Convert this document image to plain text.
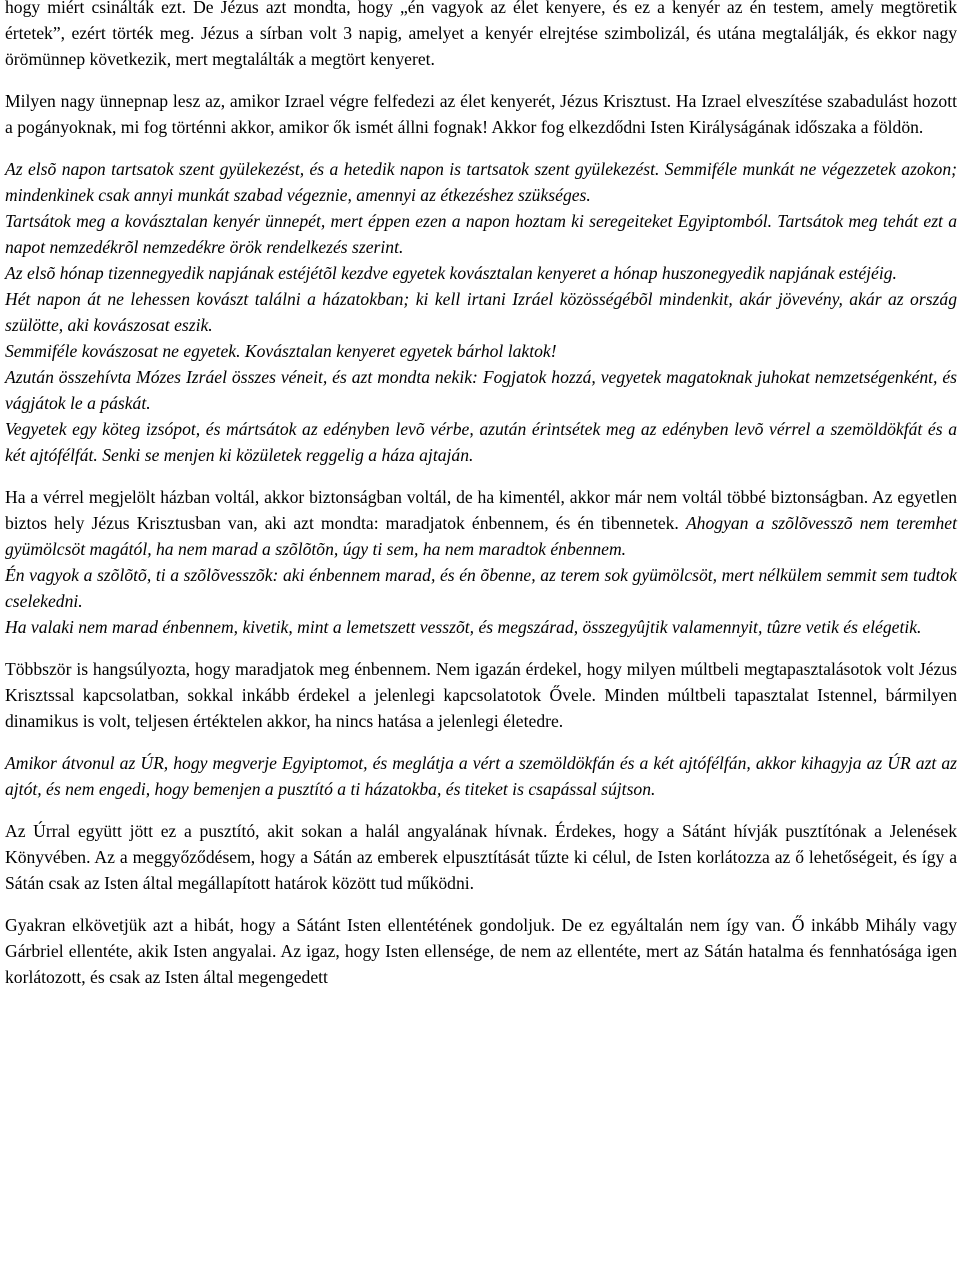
hogy miért csinálták ezt. De Jézus azt mondta, hogy „én vagyok az élet kenyere, és ez a kenyér az én testem, amely megtöretik értetek”, ezért törték meg. Jézus a sírban volt 3 napig, amelyet a kenyér elrejtése szimbolizál, és utána megtalálják, és ekkor nagy örömünnep következik, mert megtalálták a megtört kenyeret.

Milyen nagy ünnepnap lesz az, amikor Izrael végre felfedezi az élet kenyerét, Jézus Krisztust. Ha Izrael elveszítése szabadulást hozott a pogányoknak, mi fog történni akkor, amikor ők ismét állni fognak! Akkor fog elkezdődni Isten Királyságának időszaka a földön.

Az elsõ napon tartsatok szent gyülekezést, és a hetedik napon is tartsatok szent gyülekezést. Semmiféle munkát ne végezzetek azokon; mindenkinek csak annyi munkát szabad végeznie, amennyi az étkezéshez szükséges.

Tartsátok meg a kovásztalan kenyér ünnepét, mert éppen ezen a napon hoztam ki seregeiteket Egyiptomból. Tartsátok meg tehát ezt a napot nemzedékrõl nemzedékre örök rendelkezés szerint.

Az elsõ hónap tizennegyedik napjának estéjétõl kezdve egyetek kovásztalan kenyeret a hónap huszonegyedik napjának estéjéig.

Hét napon át ne lehessen kovászt találni a házatokban; ki kell irtani Izráel közösségébõl mindenkit, akár jövevény, akár az ország szülötte, aki kovászosat eszik.

Semmiféle kovászosat ne egyetek. Kovásztalan kenyeret egyetek bárhol laktok!

Azután összehívta Mózes Izráel összes véneit, és azt mondta nekik: Fogjatok hozzá, vegyetek magatoknak juhokat nemzetségenként, és vágjátok le a páskát.

Vegyetek egy köteg izsópot, és mártsátok az edényben levõ vérbe, azután érintsétek meg az edényben levõ vérrel a szemöldökfát és a két ajtófélfát. Senki se menjen ki közületek reggelig a háza ajtaján.

Ha a vérrel megjelölt házban voltál, akkor biztonságban voltál, de ha kimentél, akkor már nem voltál többé biztonságban. Az egyetlen biztos hely Jézus Krisztusban van, aki azt mondta: maradjatok énbennem, és én tibennetek. Ahogyan a szõlõvesszõ nem teremhet gyümölcsöt magától, ha nem marad a szõlõtõn, úgy ti sem, ha nem maradtok énbennem.

Én vagyok a szõlõtõ, ti a szõlõvesszõk: aki énbennem marad, és én õbenne, az terem sok gyümölcsöt, mert nélkülem semmit sem tudtok cselekedni.

Ha valaki nem marad énbennem, kivetik, mint a lemetszett vesszõt, és megszárad, összegyûjtik valamennyit, tûzre vetik és elégetik.

Többször is hangsúlyozta, hogy maradjatok meg énbennem. Nem igazán érdekel, hogy milyen múltbeli megtapasztalásotok volt Jézus Krisztssal kapcsolatban, sokkal inkább érdekel a jelenlegi kapcsolatotok Ővele. Minden múltbeli tapasztalat Istennel, bármilyen dinamikus is volt, teljesen értéktelen akkor, ha nincs hatása a jelenlegi életedre.

Amikor átvonul az ÚR, hogy megverje Egyiptomot, és meglátja a vért a szemöldökfán és a két ajtófélfán, akkor kihagyja az ÚR azt az ajtót, és nem engedi, hogy bemenjen a pusztító a ti házatokba, és titeket is csapással sújtson.

Az Úrral együtt jött ez a pusztító, akit sokan a halál angyalának hívnak. Érdekes, hogy a Sátánt hívják pusztítónak a Jelenések Könyvében. Az a meggyőződésem, hogy a Sátán az emberek elpusztítását tűzte ki célul, de Isten korlátozza az ő lehetőségeit, és így a Sátán csak az Isten által megállapított határok között tud működni.

Gyakran elkövetjük azt a hibát, hogy a Sátánt Isten ellentétének gondoljuk. De ez egyáltalán nem így van. Ő inkább Mihály vagy Gárbriel ellentéte, akik Isten angyalai. Az igaz, hogy Isten ellensége, de nem az ellentéte, mert az Sátán hatalma és fennhatósága igen korlátozott, és csak az Isten által megengedett
